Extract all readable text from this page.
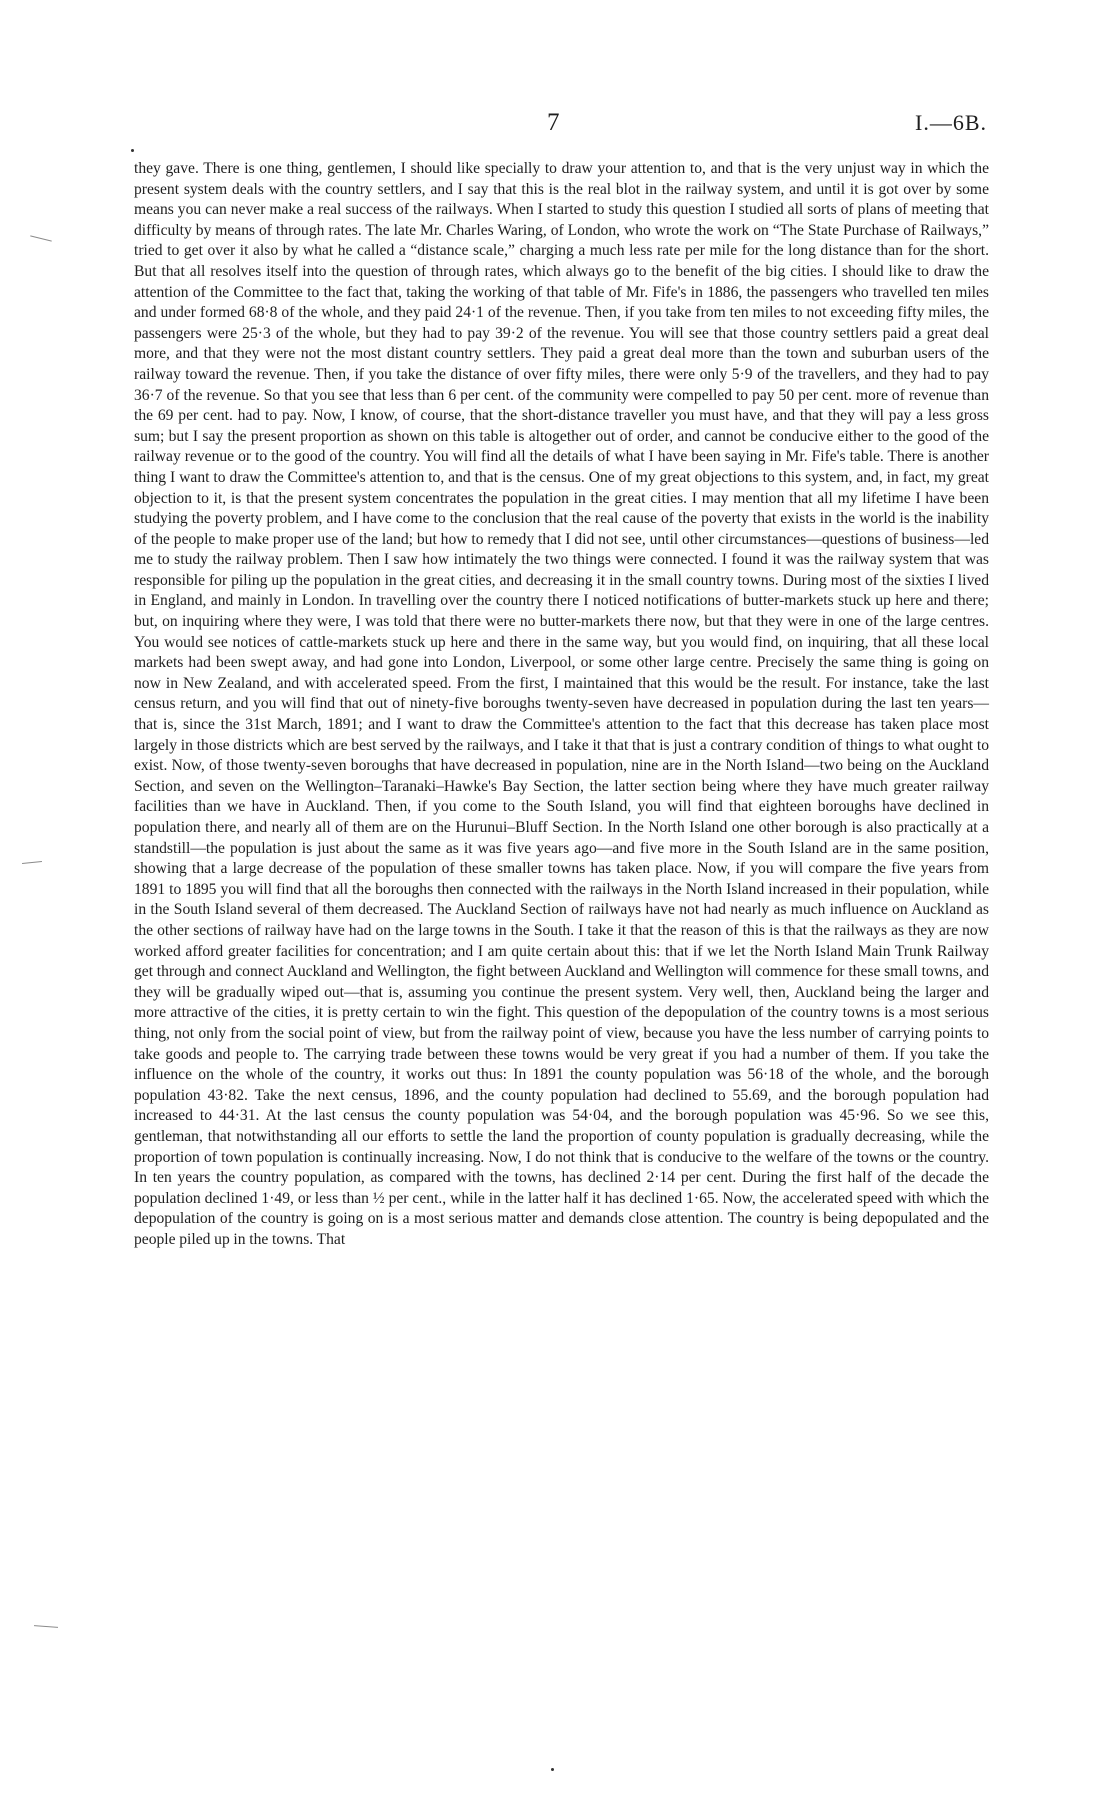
7	I.—6B.

they gave. There is one thing, gentlemen, I should like specially to draw your attention to, and that is the very unjust way in which the present system deals with the country settlers, and I say that this is the real blot in the railway system, and until it is got over by some means you can never make a real success of the railways. When I started to study this question I studied all sorts of plans of meeting that difficulty by means of through rates. The late Mr. Charles Waring, of London, who wrote the work on “The State Purchase of Railways,” tried to get over it also by what he called a “distance scale,” charging a much less rate per mile for the long distance than for the short. But that all resolves itself into the question of through rates, which always go to the benefit of the big cities. I should like to draw the attention of the Committee to the fact that, taking the working of that table of Mr. Fife's in 1886, the passengers who travelled ten miles and under formed 68·8 of the whole, and they paid 24·1 of the revenue. Then, if you take from ten miles to not exceeding fifty miles, the passengers were 25·3 of the whole, but they had to pay 39·2 of the revenue. You will see that those country settlers paid a great deal more, and that they were not the most distant country settlers. They paid a great deal more than the town and suburban users of the railway toward the revenue. Then, if you take the distance of over fifty miles, there were only 5·9 of the travellers, and they had to pay 36·7 of the revenue. So that you see that less than 6 per cent. of the community were compelled to pay 50 per cent. more of revenue than the 69 per cent. had to pay. Now, I know, of course, that the short-distance traveller you must have, and that they will pay a less gross sum; but I say the present proportion as shown on this table is altogether out of order, and cannot be conducive either to the good of the railway revenue or to the good of the country. You will find all the details of what I have been saying in Mr. Fife's table. There is another thing I want to draw the Committee's attention to, and that is the census. One of my great objections to this system, and, in fact, my great objection to it, is that the present system concentrates the population in the great cities. I may mention that all my lifetime I have been studying the poverty problem, and I have come to the conclusion that the real cause of the poverty that exists in the world is the inability of the people to make proper use of the land; but how to remedy that I did not see, until other circumstances—questions of business—led me to study the railway problem. Then I saw how intimately the two things were connected. I found it was the railway system that was responsible for piling up the population in the great cities, and decreasing it in the small country towns. During most of the sixties I lived in England, and mainly in London. In travelling over the country there I noticed notifications of butter-markets stuck up here and there; but, on inquiring where they were, I was told that there were no butter-markets there now, but that they were in one of the large centres. You would see notices of cattle-markets stuck up here and there in the same way, but you would find, on inquiring, that all these local markets had been swept away, and had gone into London, Liverpool, or some other large centre. Precisely the same thing is going on now in New Zealand, and with accelerated speed. From the first, I maintained that this would be the result. For instance, take the last census return, and you will find that out of ninety-five boroughs twenty-seven have decreased in population during the last ten years—that is, since the 31st March, 1891; and I want to draw the Committee's attention to the fact that this decrease has taken place most largely in those districts which are best served by the railways, and I take it that that is just a contrary condition of things to what ought to exist. Now, of those twenty-seven boroughs that have decreased in population, nine are in the North Island—two being on the Auckland Section, and seven on the Wellington–Taranaki–Hawke's Bay Section, the latter section being where they have much greater railway facilities than we have in Auckland. Then, if you come to the South Island, you will find that eighteen boroughs have declined in population there, and nearly all of them are on the Hurunui–Bluff Section. In the North Island one other borough is also practically at a standstill—the population is just about the same as it was five years ago—and five more in the South Island are in the same position, showing that a large decrease of the population of these smaller towns has taken place. Now, if you will compare the five years from 1891 to 1895 you will find that all the boroughs then connected with the railways in the North Island increased in their population, while in the South Island several of them decreased. The Auckland Section of railways have not had nearly as much influence on Auckland as the other sections of railway have had on the large towns in the South. I take it that the reason of this is that the railways as they are now worked afford greater facilities for concentration; and I am quite certain about this: that if we let the North Island Main Trunk Railway get through and connect Auckland and Wellington, the fight between Auckland and Wellington will commence for these small towns, and they will be gradually wiped out—that is, assuming you continue the present system. Very well, then, Auckland being the larger and more attractive of the cities, it is pretty certain to win the fight. This question of the depopulation of the country towns is a most serious thing, not only from the social point of view, but from the railway point of view, because you have the less number of carrying points to take goods and people to. The carrying trade between these towns would be very great if you had a number of them. If you take the influence on the whole of the country, it works out thus: In 1891 the county population was 56·18 of the whole, and the borough population 43·82. Take the next census, 1896, and the county population had declined to 55.69, and the borough population had increased to 44·31. At the last census the county population was 54·04, and the borough population was 45·96. So we see this, gentleman, that notwithstanding all our efforts to settle the land the proportion of county population is gradually decreasing, while the proportion of town population is continually increasing. Now, I do not think that is conducive to the welfare of the towns or the country. In ten years the country population, as compared with the towns, has declined 2·14 per cent. During the first half of the decade the population declined 1·49, or less than ½ per cent., while in the latter half it has declined 1·65. Now, the accelerated speed with which the depopulation of the country is going on is a most serious matter and demands close attention. The country is being depopulated and the people piled up in the towns. That
